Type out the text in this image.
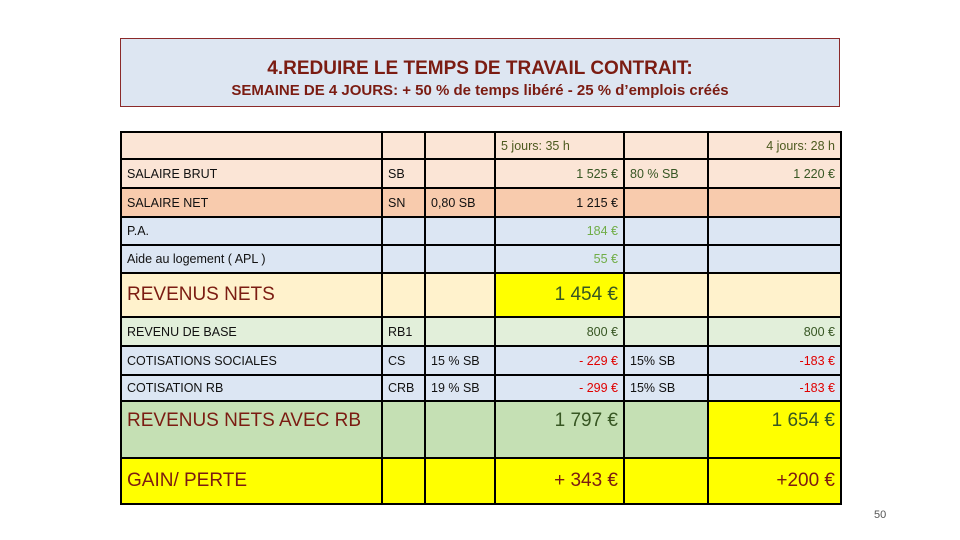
4.REDUIRE LE TEMPS DE TRAVAIL CONTRAIT:
SEMAINE DE 4 JOURS: + 50 % de temps libéré - 25 % d’emplois créés
			5 jours: 35 h		4 jours: 28 h
SALAIRE BRUT	SB		1 525 €	80 % SB	1 220 €
SALAIRE NET	SN	0,80 SB	1 215 €		
P.A.			184 €		
Aide au logement ( APL )			55 €		
REVENUS NETS			1 454 €		
REVENU DE BASE	RB1		800 €		800 €
COTISATIONS SOCIALES	CS	15 % SB	- 229 €	15% SB	-183 €
COTISATION RB	CRB	19 % SB	- 299 €	15% SB	-183 €
REVENUS NETS AVEC RB			1 797 €		1 654 €
GAIN/ PERTE			+ 343 €		+200 €
50
